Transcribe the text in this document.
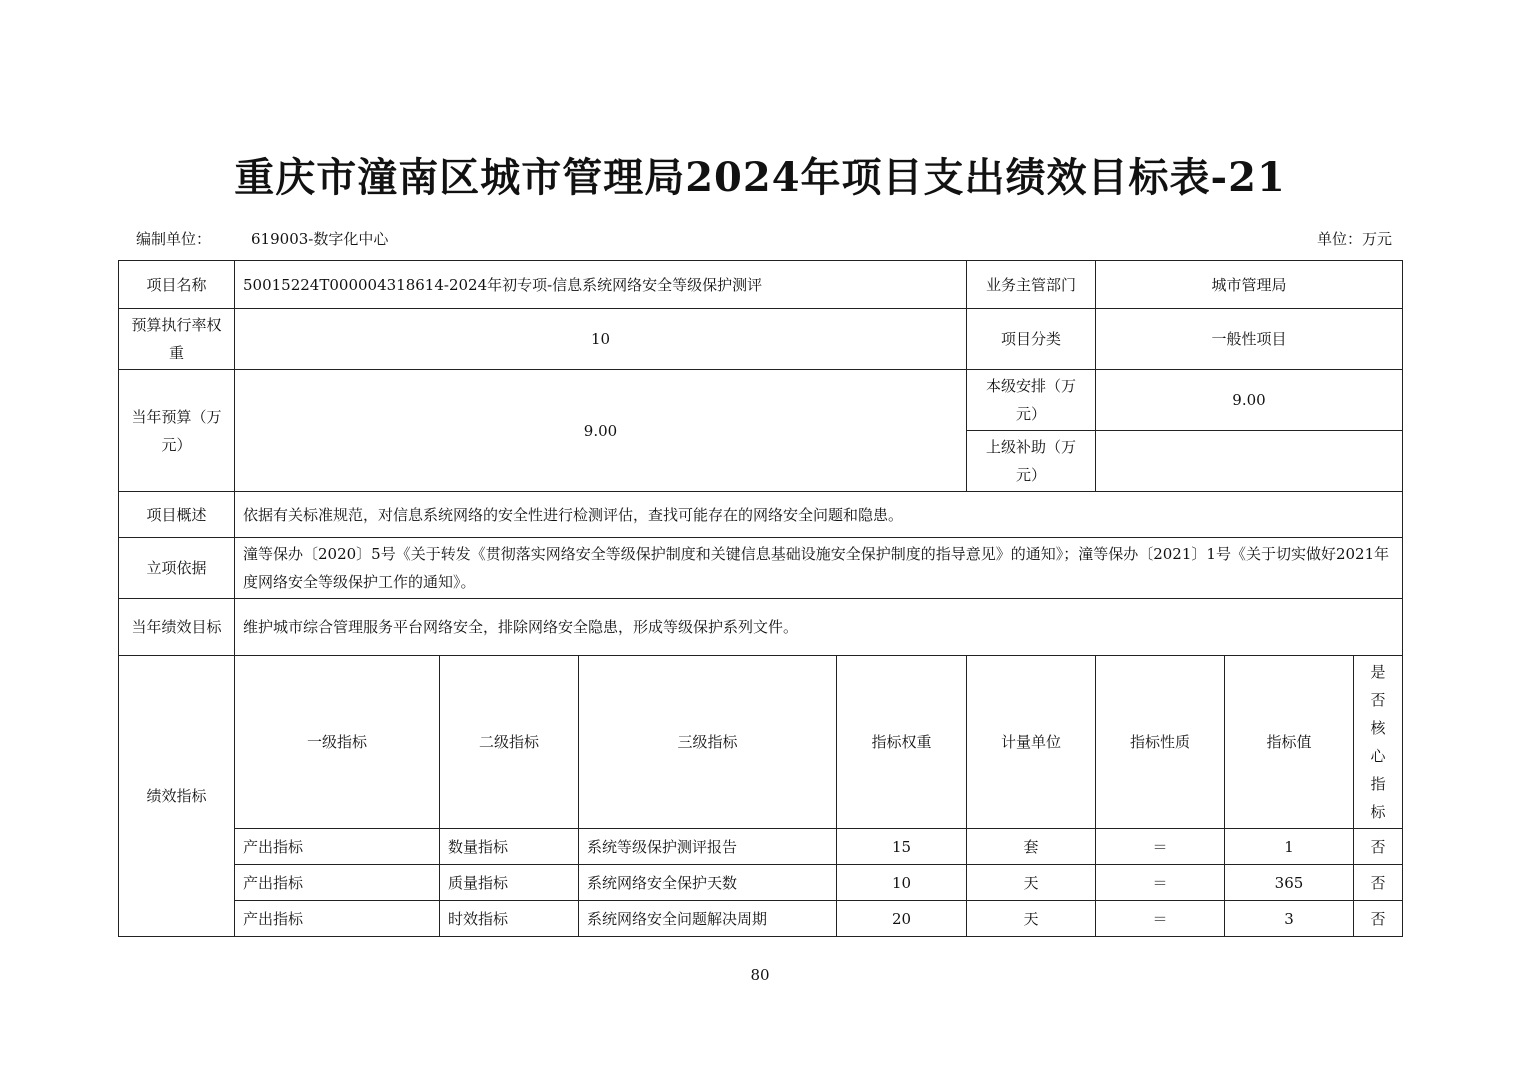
重庆市潼南区城市管理局2024年项目支出绩效目标表-21
编制单位：	619003-数字化中心	单位：万元
项目名称	50015224T000004318614-2024年初专项-信息系统网络安全等级保护测评				业务主管部门	城市管理局		
预算执行率权重	10				项目分类	一般性项目		
当年预算（万元）	9.00				本级安排（万元）	9.00		
					上级补助（万元）			
项目概述	依据有关标准规范，对信息系统网络的安全性进行检测评估，查找可能存在的网络安全问题和隐患。							
立项依据	潼等保办〔2020〕5号《关于转发《贯彻落实网络安全等级保护制度和关键信息基础设施安全保护制度的指导意见》的通知》；潼等保办〔2021〕1号《关于切实做好2021年度网络安全等级保护工作的通知》。							
当年绩效目标	维护城市综合管理服务平台网络安全，排除网络安全隐患，形成等级保护系列文件。							
绩效指标	一级指标	二级指标	三级指标	指标权重	计量单位	指标性质	指标值	是否核心指标

	产出指标	数量指标	系统等级保护测评报告	15	套	＝	1	否
	产出指标	质量指标	系统网络安全保护天数	10	天	＝	365	否
	产出指标	时效指标	系统网络安全问题解决周期	20	天	＝	3	否
80
